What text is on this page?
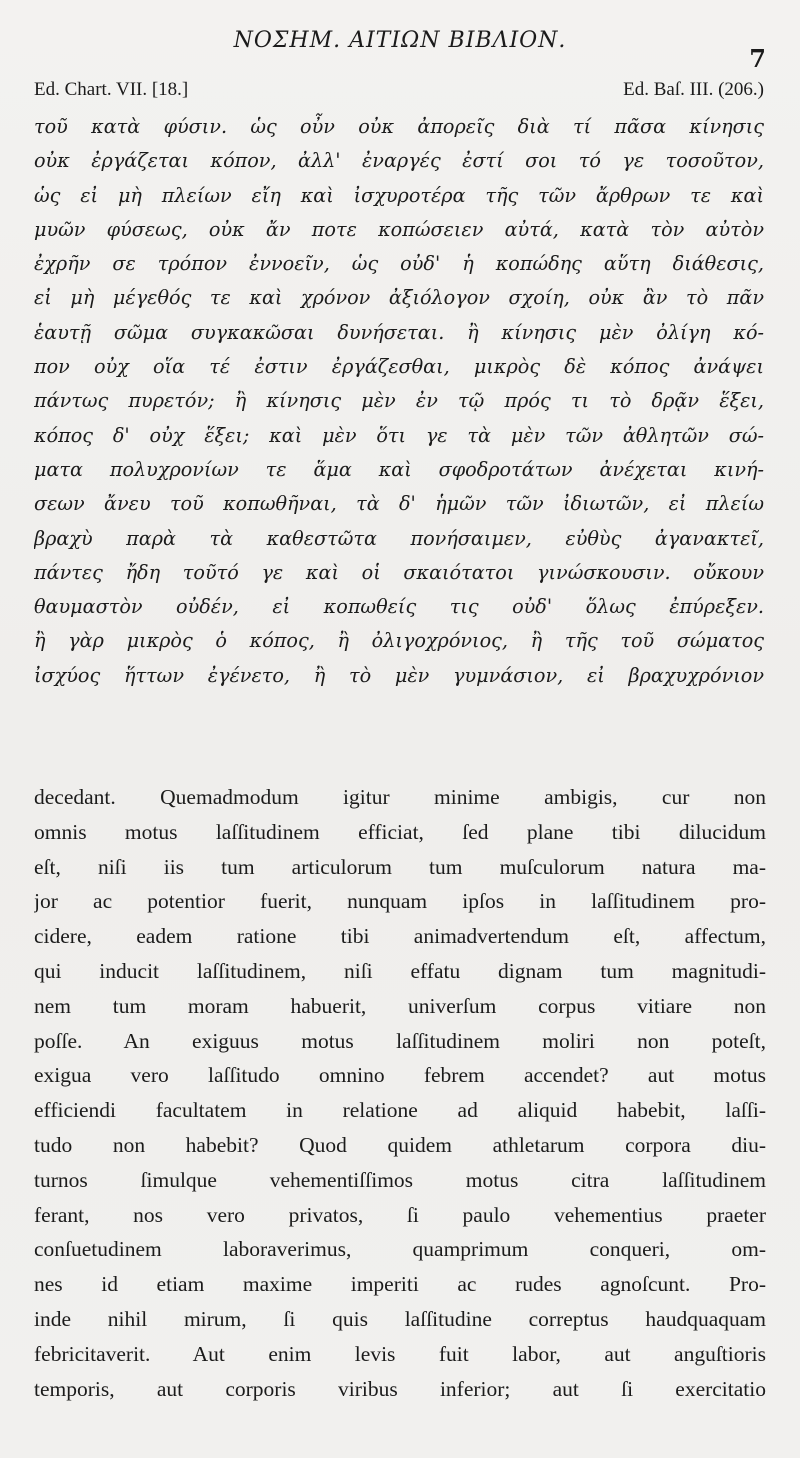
ΝΟΣΗΜ. ΑΙΤΙΩΝ ΒΙΒΛΙΟΝ.
7
Ed. Chart. VII. [18.]	Ed. Baſ. III. (206.)
τοῦ κατὰ φύσιν. ὡς οὖν οὐκ ἀπορεῖς διὰ τί πᾶσα κίνησις
οὐκ ἐργάζεται κόπον, ἀλλ' ἐναργές ἐστί σοι τό γε τοσοῦτον,
ὡς εἰ μὴ πλείων εἴη καὶ ἰσχυροτέρα τῆς τῶν ἄρθρων τε καὶ
μυῶν φύσεως, οὐκ ἄν ποτε κοπώσειεν αὐτά, κατὰ τὸν αὐτὸν
ἐχρῆν σε τρόπον ἐννοεῖν, ὡς οὐδ' ἡ κοπώδης αὕτη διάθεσις,
εἰ μὴ μέγεθός τε καὶ χρόνον ἀξιόλογον σχοίη, οὐκ ἂν τὸ πᾶν
ἑαυτῇ σῶμα συγκακῶσαι δυνήσεται. ἢ κίνησις μὲν ὀλίγη κό-
πον οὐχ οἵα τέ ἐστιν ἐργάζεσθαι, μικρὸς δὲ κόπος ἀνάψει
πάντως πυρετόν; ἢ κίνησις μὲν ἐν τῷ πρός τι τὸ δρᾷν ἕξει,
κόπος δ' οὐχ ἕξει; καὶ μὲν ὅτι γε τὰ μὲν τῶν ἀθλητῶν σώ-
ματα πολυχρονίων τε ἅμα καὶ σφοδροτάτων ἀνέχεται κινή-
σεων ἄνευ τοῦ κοπωθῆναι, τὰ δ' ἡμῶν τῶν ἰδιωτῶν, εἰ πλείω
βραχὺ παρὰ τὰ καθεστῶτα πονήσαιμεν, εὐθὺς ἀγανακτεῖ,
πάντες ἤδη τοῦτό γε καὶ οἱ σκαιότατοι γινώσκουσιν. οὔκουν
θαυμαστὸν οὐδέν, εἰ κοπωθείς τις οὐδ' ὅλως ἐπύρεξεν.
ἢ γὰρ μικρὸς ὁ κόπος, ἢ ὀλιγοχρόνιος, ἢ τῆς τοῦ σώματος
ἰσχύος ἥττων ἐγένετο, ἢ τὸ μὲν γυμνάσιον, εἰ βραχυχρόνιον
decedant. Quemadmodum igitur minime ambigis, cur non
omnis motus laſſitudinem efficiat, ſed plane tibi dilucidum
eſt, niſi iis tum articulorum tum muſculorum natura ma-
jor ac potentior fuerit, nunquam ipſos in laſſitudinem pro-
cidere, eadem ratione tibi animadvertendum eſt, affectum,
qui inducit laſſitudinem, niſi effatu dignam tum magnitudi-
nem tum moram habuerit, univerſum corpus vitiare non
poſſe. An exiguus motus laſſitudinem moliri non poteſt,
exigua vero laſſitudo omnino febrem accendet? aut motus
efficiendi facultatem in relatione ad aliquid habebit, laſſi-
tudo non habebit? Quod quidem athletarum corpora diu-
turnos ſimulque vehementiſſimos motus citra laſſitudinem
ferant, nos vero privatos, ſi paulo vehementius praeter
conſuetudinem laboraverimus, quamprimum conqueri, om-
nes id etiam maxime imperiti ac rudes agnoſcunt. Pro-
inde nihil mirum, ſi quis laſſitudine correptus haudquaquam
febricitaverit. Aut enim levis fuit labor, aut anguſtioris
temporis, aut corporis viribus inferior; aut ſi exercitatio
